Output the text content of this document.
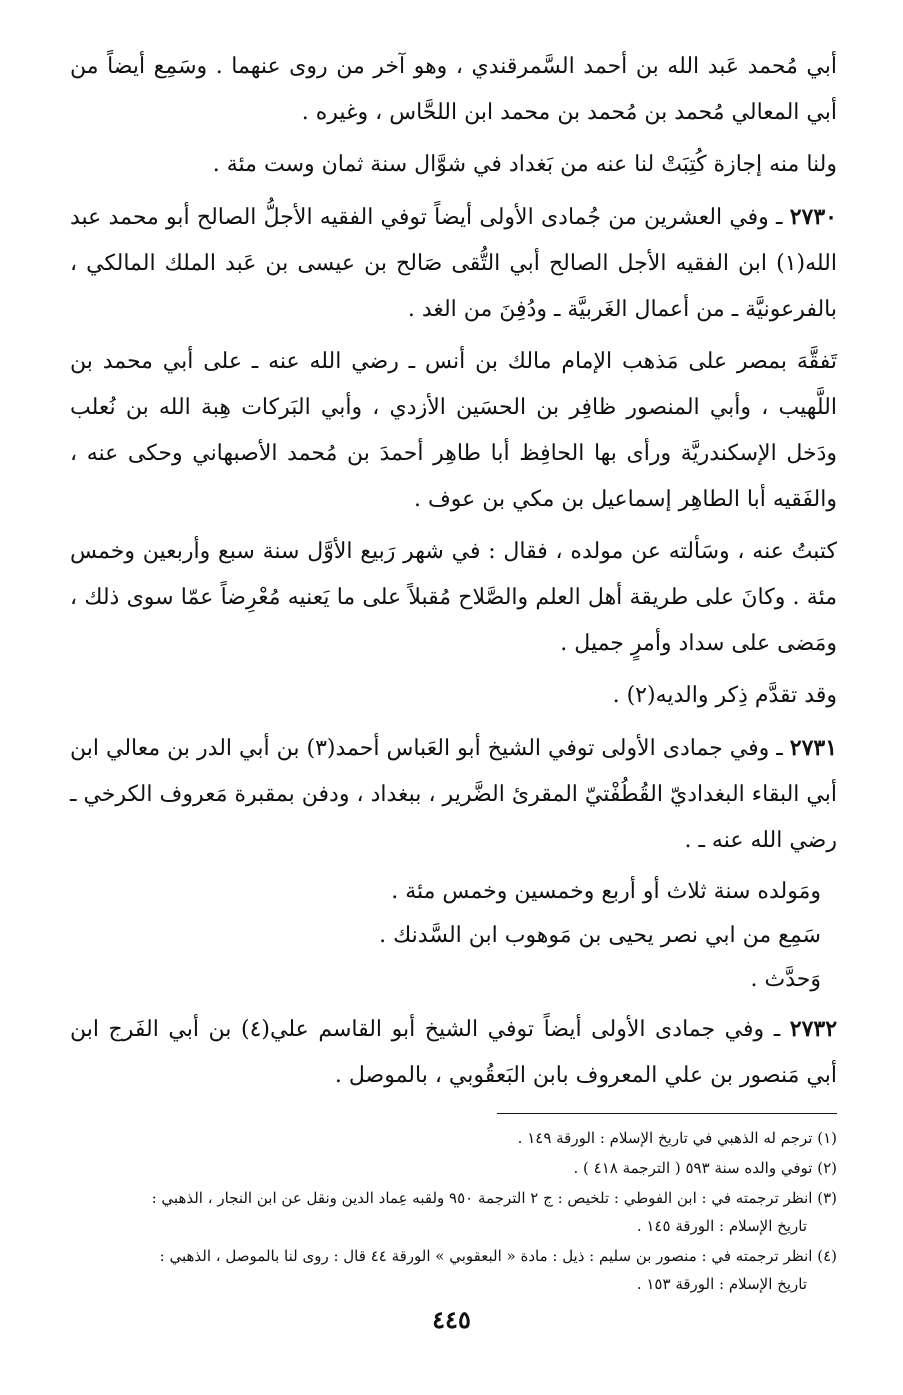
أبي مُحمد عَبد الله بن أحمد السَّمرقندي ، وهو آخر من روى عنهما . وسَمِع أيضاً من أبي المعالي مُحمد بن مُحمد بن محمد ابن اللحَّاس ، وغيره .

ولنا منه إجازة كُتِبَتْ لنا عنه من بَغداد في شوَّال سنة ثمان وست مئة .

٢٧٣٠ ـ وفي العشرين من جُمادى الأولى أيضاً توفي الفقيه الأجلُّ الصالح أبو محمد عبد الله(١) ابن الفقيه الأجل الصالح أبي التُّقى صَالح بن عيسى بن عَبد الملك المالكي ، بالفرعونيَّة ـ من أعمال الغَربيَّة ـ ودُفِنَ من الغد .

تَفقَّهَ بمصر على مَذهب الإمام مالك بن أنس ـ رضي الله عنه ـ على أبي محمد بن اللَّهيب ، وأبي المنصور ظافِر بن الحسَين الأزدي ، وأبي البَركات هِبة الله بن نُعلب ودَخل الإسكندريَّة ورأى بها الحافِظ أبا طاهِر أحمدَ بن مُحمد الأصبهاني وحكى عنه ، والفَقيه أبا الطاهِر إسماعيل بن مكي بن عوف .

كتبتُ عنه ، وسَألته عن مولده ، فقال : في شهر رَبيع الأوَّل سنة سبع وأربعين وخمس مئة . وكانَ على طريقة أهل العلم والصَّلاح مُقبلاً على ما يَعنيه مُعْرِضاً عمّا سوى ذلك ، ومَضى على سداد وأمرٍ جميل .

وقد تقدَّم ذِكر والديه(٢) .

٢٧٣١ ـ وفي جمادى الأولى توفي الشيخ أبو العَباس أحمد(٣) بن أبي الدر بن معالي ابن أبي البقاء البغداديّ القُطُفْتيّ المقرئ الضَّرير ، ببغداد ، ودفن بمقبرة مَعروف الكرخي ـ رضي الله عنه ـ .

ومَولده سنة ثلاث أو أربع وخمسين وخمس مئة .

سَمِع من ابي نصر يحيى بن مَوهوب ابن السَّدنك .

وَحدَّث .

٢٧٣٢ ـ وفي جمادى الأولى أيضاً توفي الشيخ أبو القاسم علي(٤) بن أبي الفَرج ابن أبي مَنصور بن علي المعروف بابن البَعقُوبي ، بالموصل .

(١) ترجم له الذهبي في تاريخ الإسلام : الورقة ١٤٩ .

(٢) توفي والده سنة ٥٩٣ ( الترجمة ٤١٨ ) .

(٣) انظر ترجمته في : ابن الفوطي : تلخيص : ج ٢ الترجمة ٩٥٠ ولقبه عِماد الدين ونقل عن ابن النجار ، الذهبي :
تاريخ الإسلام : الورقة ١٤٥ .

(٤) انظر ترجمته في : منصور بن سليم : ذيل : مادة « البعقوبي » الورقة ٤٤ قال : روى لنا بالموصل ، الذهبي :
تاريخ الإسلام : الورقة ١٥٣ .

٤٤٥
